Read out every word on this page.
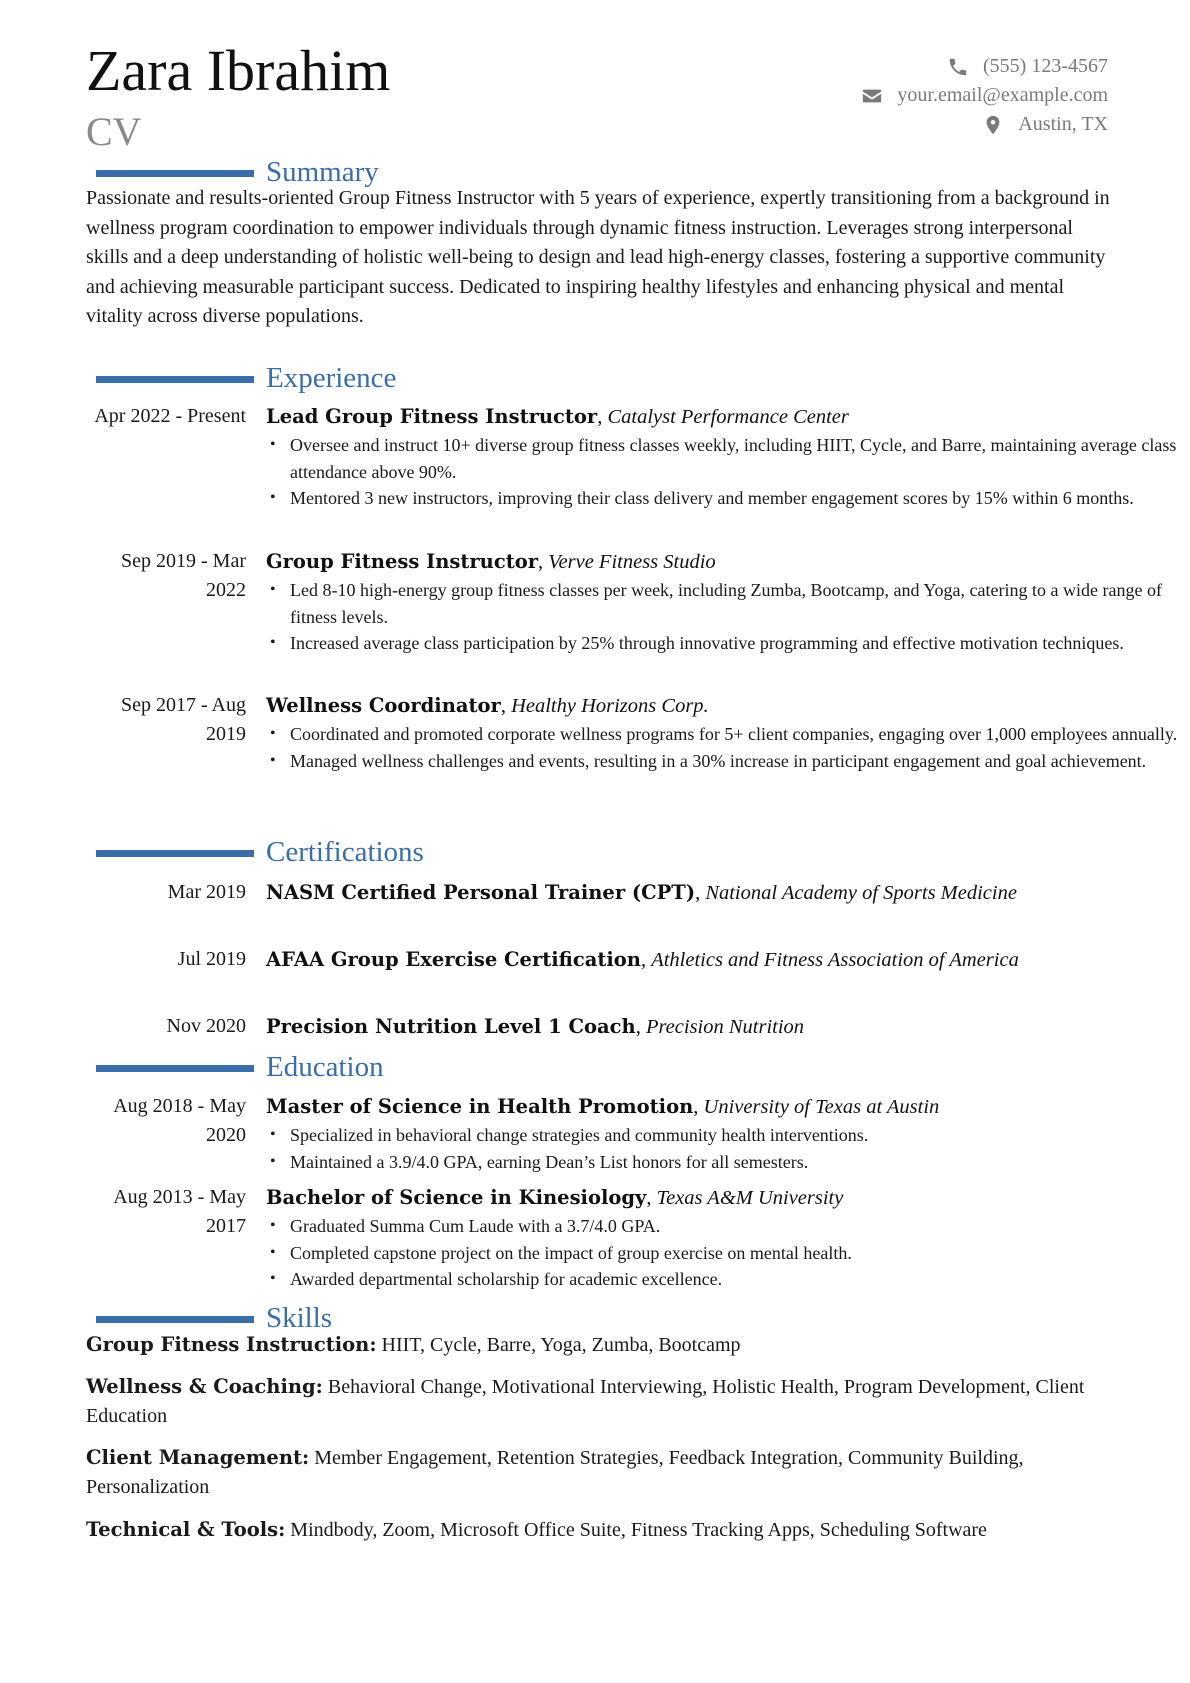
Zara Ibrahim
CV
(555) 123-4567
your.email@example.com
Austin, TX
Summary

Passionate and results-oriented Group Fitness Instructor with 5 years of experience, expertly transitioning from a background in wellness program coordination to empower individuals through dynamic fitness instruction. Leverages strong interpersonal skills and a deep understanding of holistic well-being to design and lead high-energy classes, fostering a supportive community and achieving measurable participant success. Dedicated to inspiring healthy lifestyles and enhancing physical and mental vitality across diverse populations.

Experience
Apr 2022 - Present Lead Group Fitness Instructor, Catalyst Performance Center
• Oversee and instruct 10+ diverse group fitness classes weekly, including HIIT, Cycle, and Barre, maintaining average class attendance above 90%.
• Mentored 3 new instructors, improving their class delivery and member engagement scores by 15% within 6 months.
Sep 2019 - Mar 2022
Group Fitness Instructor, Verve Fitness Studio
• Led 8-10 high-energy group fitness classes per week, including Zumba, Bootcamp, and Yoga, catering to a wide range of fitness levels.
• Increased average class participation by 25% through innovative programming and effective motivation techniques.
Sep 2017 - Aug 2019
Wellness Coordinator, Healthy Horizons Corp.
• Coordinated and promoted corporate wellness programs for 5+ client companies, engaging over 1,000 employees annually.
• Managed wellness challenges and events, resulting in a 30% increase in participant engagement and goal achievement.
Certifications
Mar 2019 NASM Certified Personal Trainer (CPT), National Academy of Sports Medicine
Jul 2019 AFAA Group Exercise Certification, Athletics and Fitness Association of America
Nov 2020 Precision Nutrition Level 1 Coach, Precision Nutrition
Education
Aug 2018 - May 2020
Master of Science in Health Promotion, University of Texas at Austin
• Specialized in behavioral change strategies and community health interventions.
• Maintained a 3.9/4.0 GPA, earning Dean’s List honors for all semesters.
Aug 2013 - May 2017
Bachelor of Science in Kinesiology, Texas A&M University
• Graduated Summa Cum Laude with a 3.7/4.0 GPA.
• Completed capstone project on the impact of group exercise on mental health.
• Awarded departmental scholarship for academic excellence.
Skills

Group Fitness Instruction: HIIT, Cycle, Barre, Yoga, Zumba, Bootcamp

Wellness & Coaching: Behavioral Change, Motivational Interviewing, Holistic Health, Program Development, Client Education

Client Management: Member Engagement, Retention Strategies, Feedback Integration, Community Building, Personalization

Technical & Tools: Mindbody, Zoom, Microsoft Office Suite, Fitness Tracking Apps, Scheduling Software
